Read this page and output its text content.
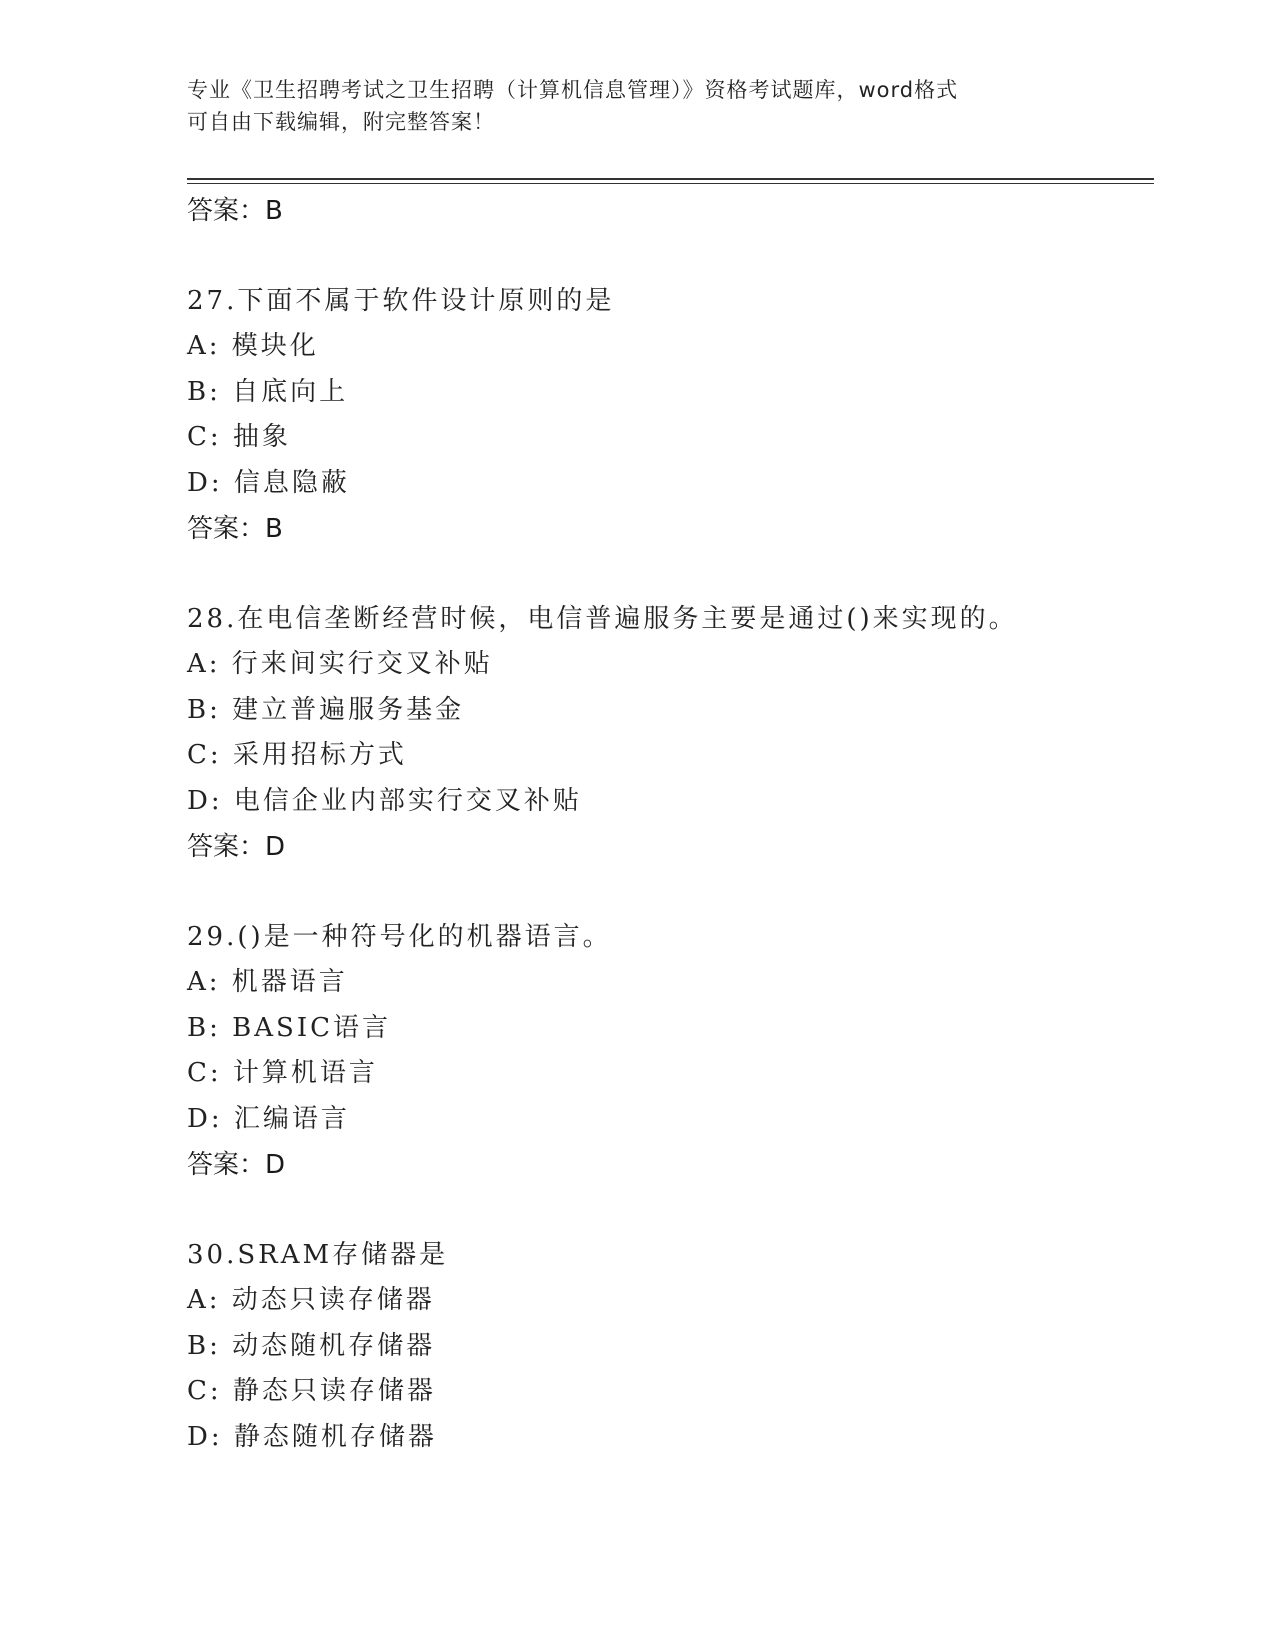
专业《卫生招聘考试之卫生招聘（计算机信息管理）》资格考试题库，word格式
可自由下载编辑，附完整答案！
答案：B
27.下面不属于软件设计原则的是
A: 模块化
B: 自底向上
C: 抽象
D: 信息隐蔽
答案：B
28.在电信垄断经营时候，电信普遍服务主要是通过()来实现的。
A: 行来间实行交叉补贴
B: 建立普遍服务基金
C: 采用招标方式
D: 电信企业内部实行交叉补贴
答案：D
29.()是一种符号化的机器语言。
A: 机器语言
B: BASIC语言
C: 计算机语言
D: 汇编语言
答案：D
30.SRAM存储器是
A: 动态只读存储器
B: 动态随机存储器
C: 静态只读存储器
D: 静态随机存储器
